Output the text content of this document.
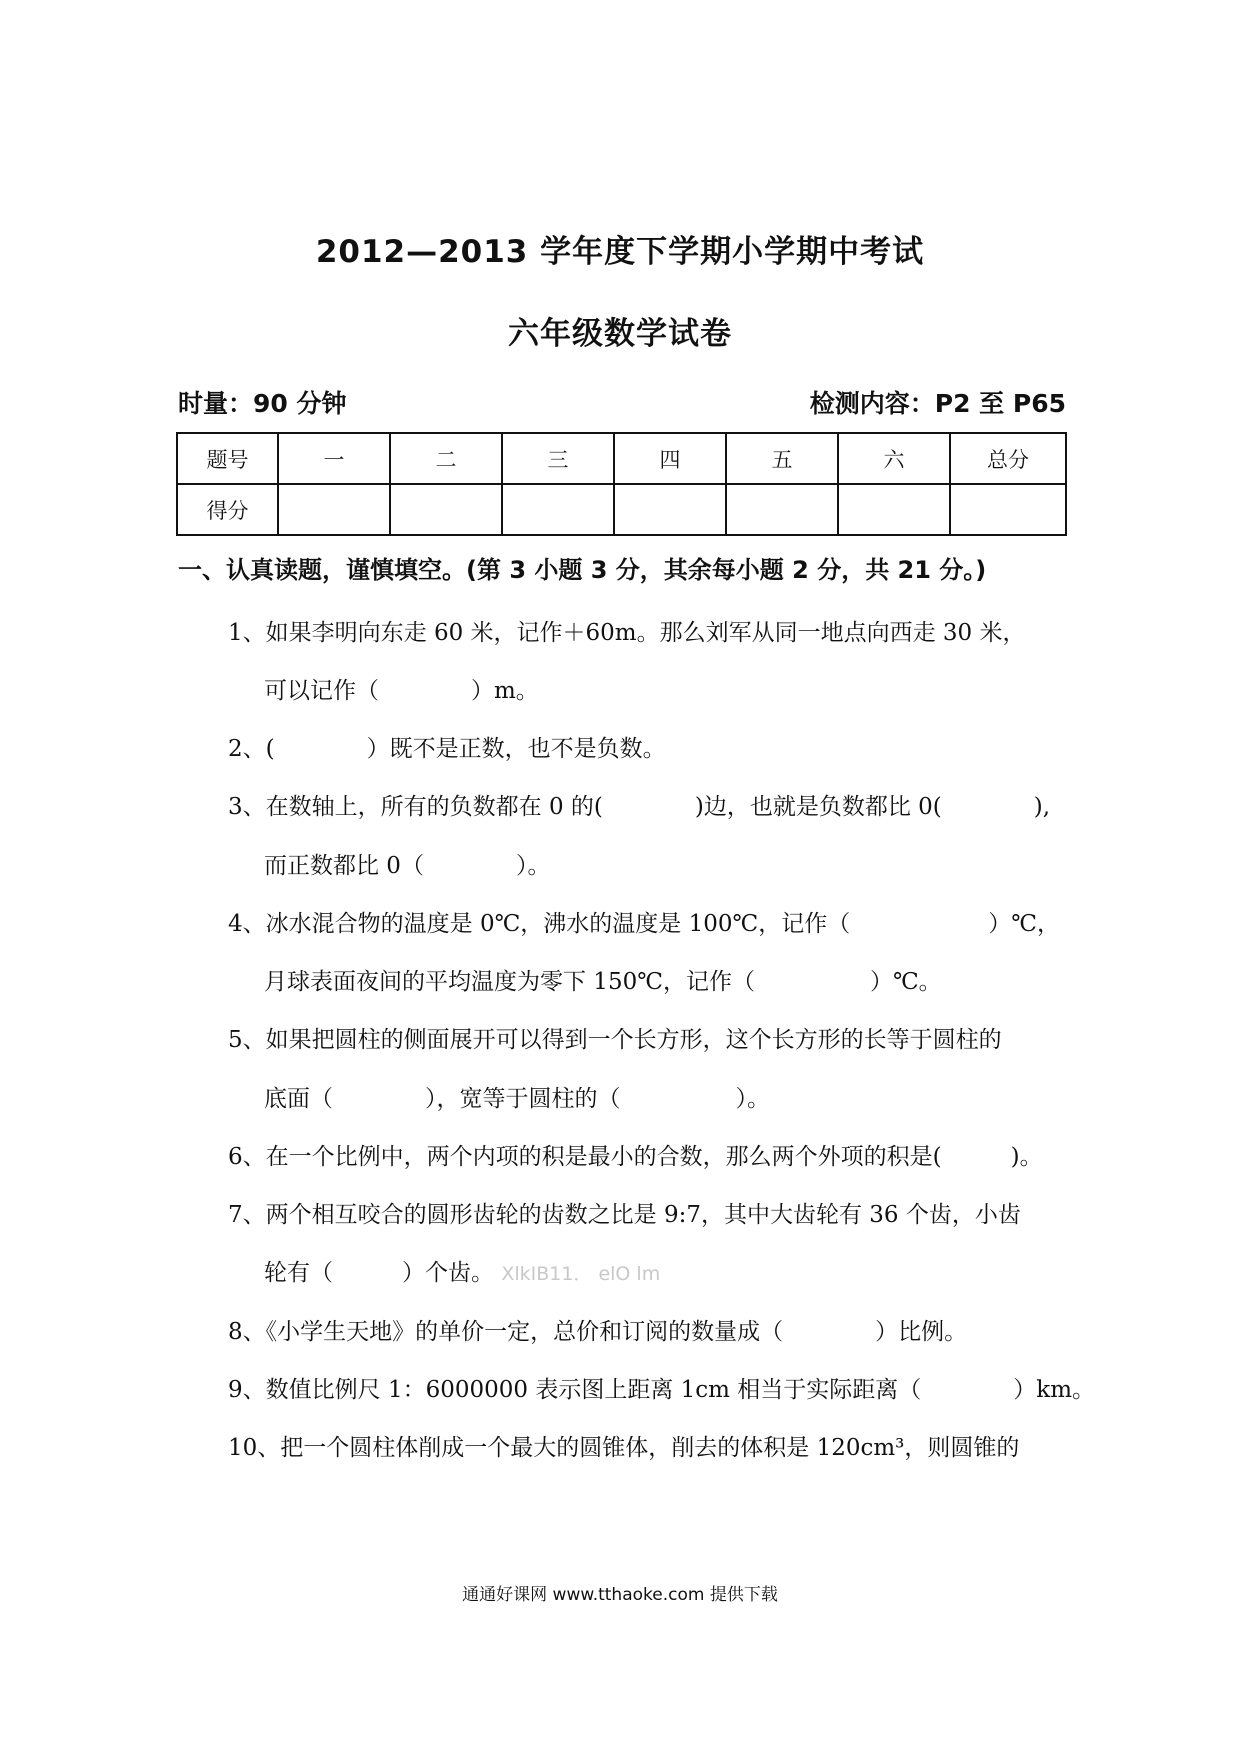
2012—2013 学年度下学期小学期中考试
六年级数学试卷
时量：90 分钟	检测内容：P2 至 P65
题号	一	二	三	四	五	六	总分
得分							
一、认真读题，谨慎填空。(第 3 小题 3 分，其余每小题 2 分，共 21 分。)
1、如果李明向东走 60 米，记作＋60m。那么刘军从同一地点向西走 30 米，
可以记作（　　　　）m。
2、(　　　　）既不是正数，也不是负数。
3、在数轴上，所有的负数都在 0 的(　　　　)边，也就是负数都比 0(　　　　),
而正数都比 0（　　　　）。
4、冰水混合物的温度是 0℃，沸水的温度是 100℃，记作（　　　　　　）℃，
月球表面夜间的平均温度为零下 150℃，记作（　　　　　）℃。
5、如果把圆柱的侧面展开可以得到一个长方形，这个长方形的长等于圆柱的
底面（　　　　），宽等于圆柱的（　　　　　）。
6、在一个比例中，两个内项的积是最小的合数，那么两个外项的积是(　　　)。
7、两个相互咬合的圆形齿轮的齿数之比是 9:7，其中大齿轮有 36 个齿，小齿
轮有（　　　）个齿。 XlkIB11． elO lm
8、《小学生天地》的单价一定，总价和订阅的数量成（　　　　）比例。
9、数值比例尺 1：6000000 表示图上距离 1cm 相当于实际距离（　　　　）km。
10、把一个圆柱体削成一个最大的圆锥体，削去的体积是 120cm³，则圆锥的
通通好课网 www.tthaoke.com 提供下载
